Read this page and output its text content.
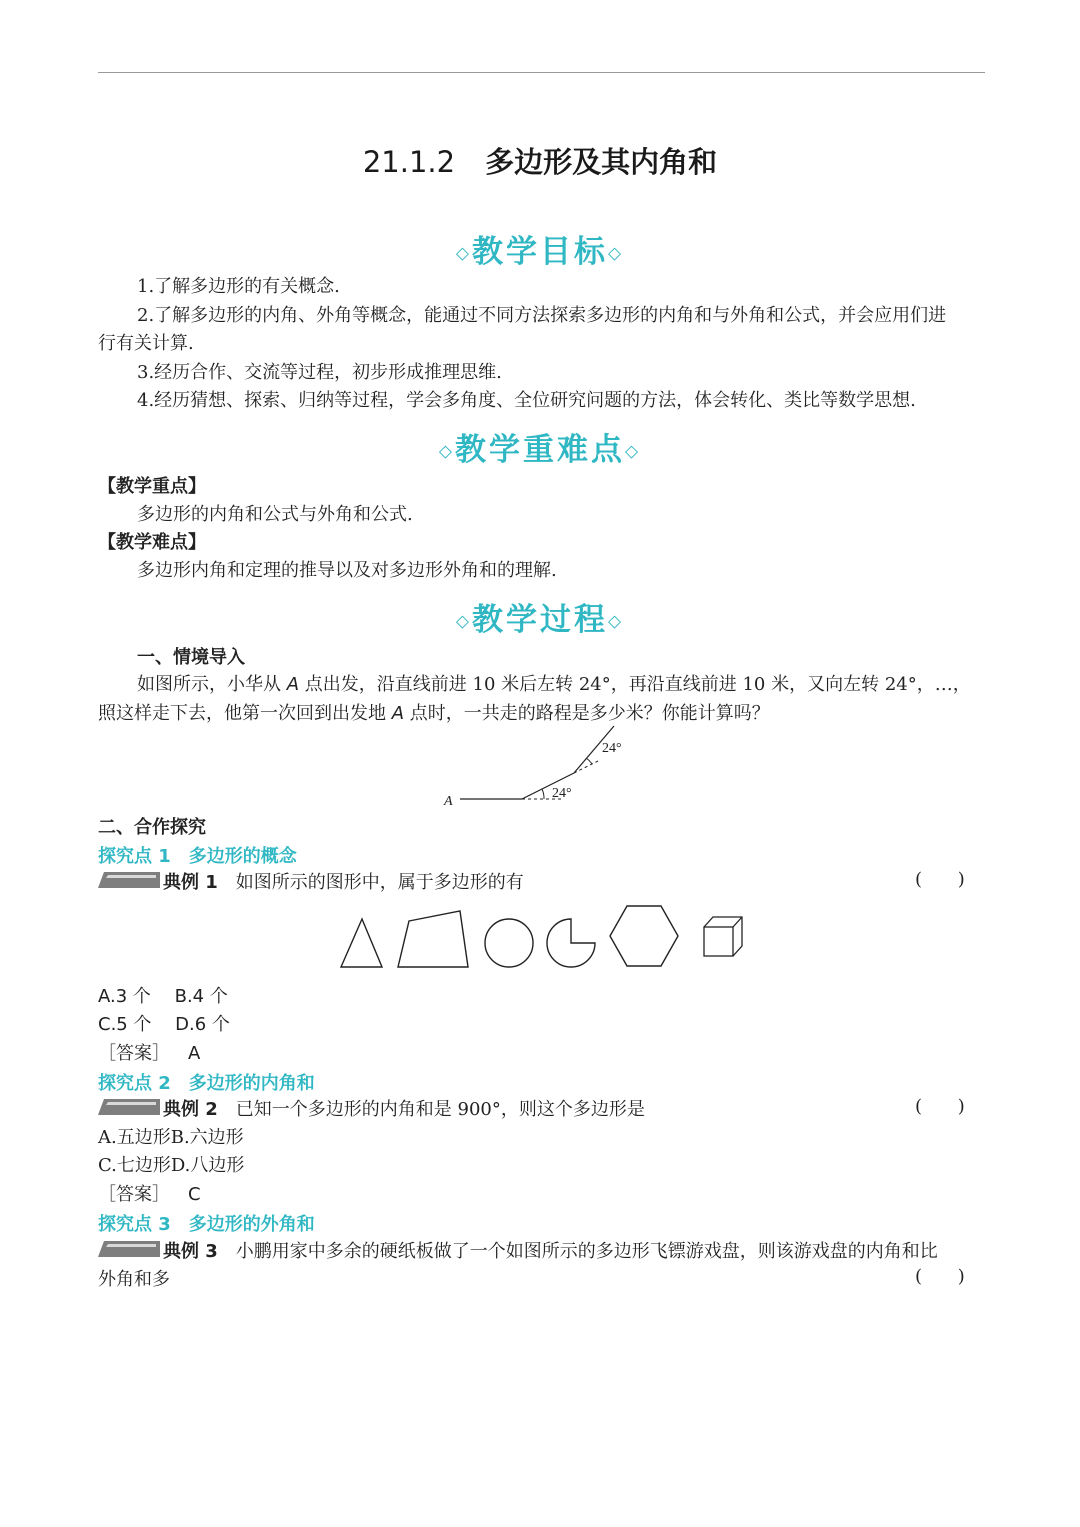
21.1.2 多边形及其内角和
◇教学目标◇
1.了解多边形的有关概念.
2.了解多边形的内角、外角等概念，能通过不同方法探索多边形的内角和与外角和公式，并会应用们进
行有关计算.
3.经历合作、交流等过程，初步形成推理思维.
4.经历猜想、探索、归纳等过程，学会多角度、全位研究问题的方法，体会转化、类比等数学思想.
◇教学重难点◇
【教学重点】
多边形的内角和公式与外角和公式.
【教学难点】
多边形内角和定理的推导以及对多边形外角和的理解.
◇教学过程◇
一、情境导入
如图所示，小华从 A 点出发，沿直线前进 10 米后左转 24°，再沿直线前进 10 米，又向左转 24°，…，
照这样走下去，他第一次回到出发地 A 点时，一共走的路程是多少米？你能计算吗？
A
24°
24°
二、合作探究
探究点 1 多边形的概念
典例 1 如图所示的图形中，属于多边形的有	( )
A.3 个　 B.4 个
C.5 个　 D.6 个
［答案］ A
探究点 2 多边形的内角和
典例 2 已知一个多边形的内角和是 900°，则这个多边形是	( )
A.五边形B.六边形
C.七边形D.八边形
［答案］ C
探究点 3 多边形的外角和
典例 3 小鹏用家中多余的硬纸板做了一个如图所示的多边形飞镖游戏盘，则该游戏盘的内角和比
外角和多	( )
